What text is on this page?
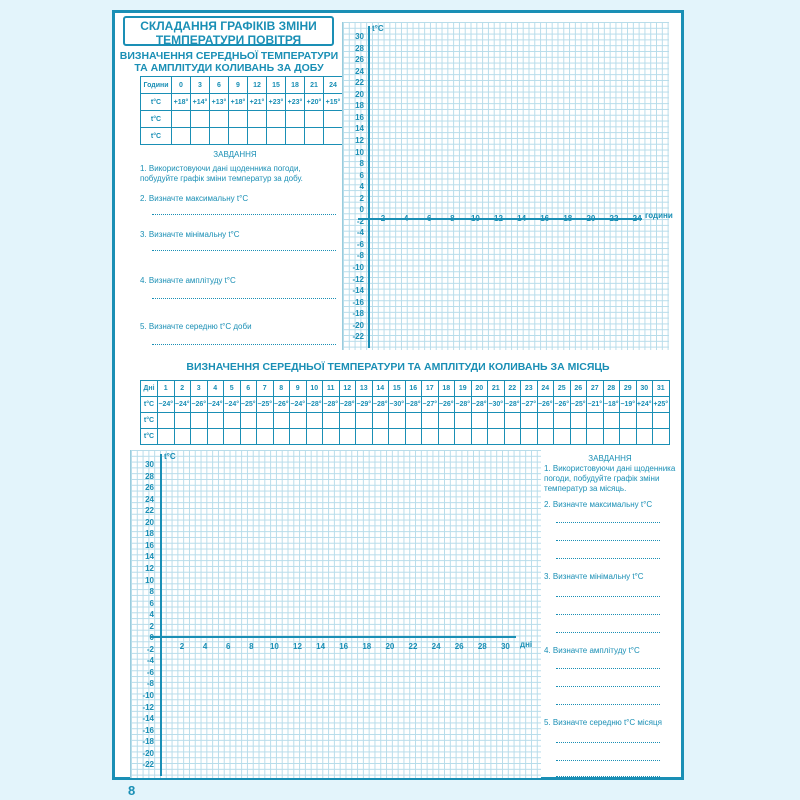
СКЛАДАННЯ ГРАФІКІВ ЗМІНИ ТЕМПЕРАТУРИ ПОВІТРЯ
ВИЗНАЧЕННЯ СЕРЕДНЬОЇ ТЕМПЕРАТУРИ ТА АМПЛІТУДИ КОЛИВАНЬ ЗА ДОБУ
Години	0	3	6	9	12	15	18	21	24
t°C	+18°	+14°	+13°	+18°	+21°	+23°	+23°	+20°	+15°
t°C									
t°C									
ЗАВДАННЯ
1. Використовуючи дані щоденника погоди, побудуйте графік зміни температур за добу.
2. Визначте максимальну t°C
3. Визначте мінімальну t°C
4. Визначте амплітуду t°C
5. Визначте середню t°C доби
t°C
години
30
28
26
24
22
20
18
16
14
12
10
8
6
4
2
0
-2
-4
-6
-8
-10
-12
-14
-16
-18
-20
-22
2	4	6	8	10	12	14	16	18	20	22	24
ВИЗНАЧЕННЯ СЕРЕДНЬОЇ ТЕМПЕРАТУРИ ТА АМПЛІТУДИ КОЛИВАНЬ ЗА МІСЯЦЬ
Дні	1	2	3	4	5	6	7	8	9	10	11	12	13	14	15	16	17	18	19	20	21	22	23	24	25	26	27	28	29	30	31
t°C	−24°	−24°	−26°	−24°	−24°	−25°	−25°	−26°	−24°	−28°	−28°	−28°	−29°	−28°	−30°	−28°	−27°	−26°	−28°	−28°	−30°	−28°	−27°	−26°	−26°	−25°	−21°	−18°	−19°	+24°	+25°
t°C																															
t°C																															
t°C
дні
30
28
26
24
22
20
18
16
14
12
10
8
6
4
2
0
-2
-4
-6
-8
-10
-12
-14
-16
-18
-20
-22
2	4	6	8	10	12	14	16	18	20	22	24	26	28	30
ЗАВДАННЯ
1. Використовуючи дані щоденника погоди, побудуйте графік зміни температур за місяць.
2. Визначте максимальну t°C
3. Визначте мінімальну t°C
4. Визначте амплітуду t°C
5. Визначте середню t°C місяця
8
